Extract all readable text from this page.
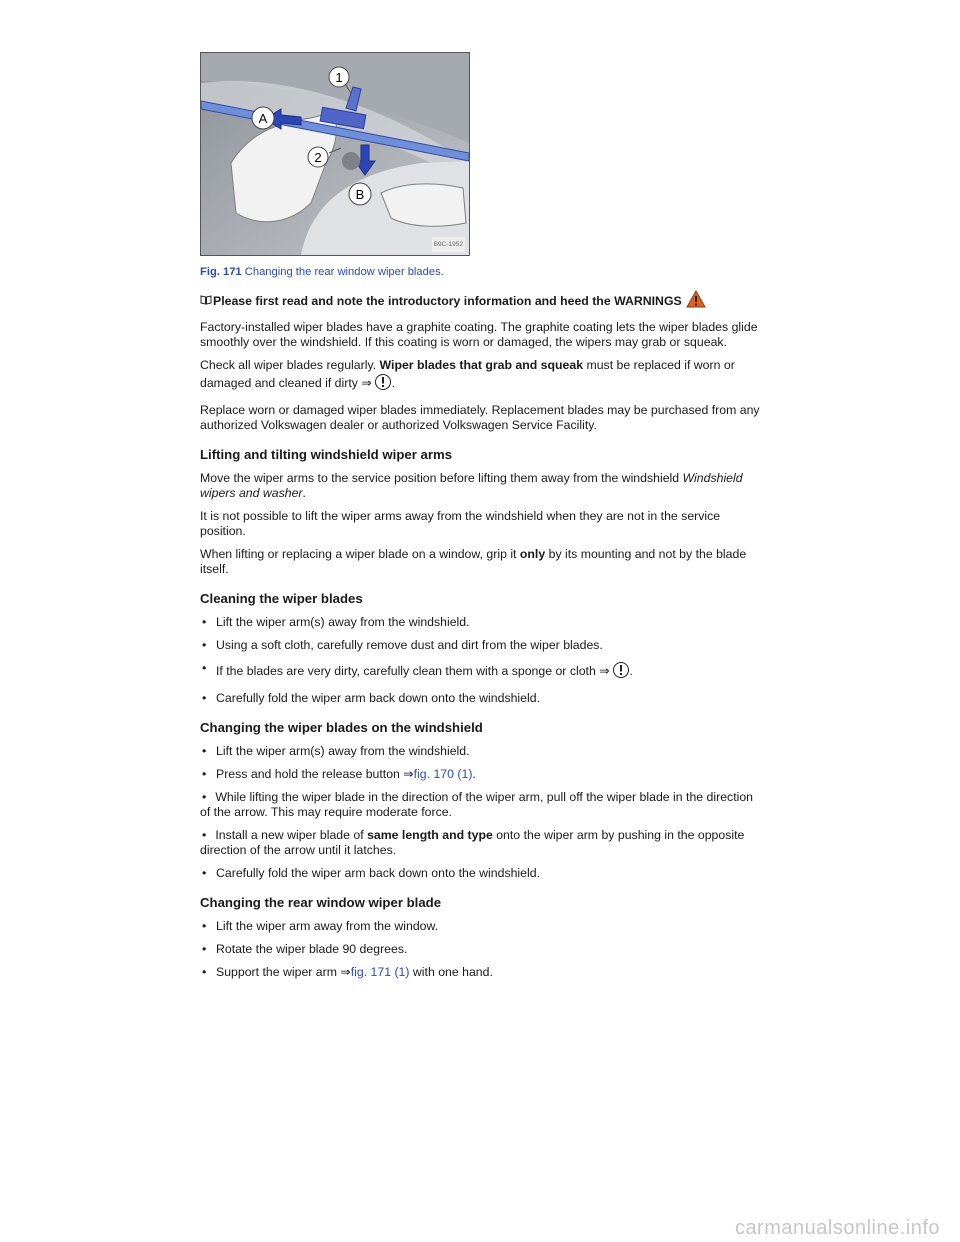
1
2
A
B
B9C-1952
Fig. 171 Changing the rear window wiper blades.

Please first read and note the introductory information and heed the WARNINGS

Factory-installed wiper blades have a graphite coating. The graphite coating lets the wiper blades glide smoothly over the windshield. If this coating is worn or damaged, the wipers may grab or squeak.

Check all wiper blades regularly. Wiper blades that grab and squeak must be replaced if worn or damaged and cleaned if dirty ⇒ .

Replace worn or damaged wiper blades immediately. Replacement blades may be purchased from any authorized Volkswagen dealer or authorized Volkswagen Service Facility.

Lifting and tilting windshield wiper arms

Move the wiper arms to the service position before lifting them away from the windshield Windshield wipers and washer.

It is not possible to lift the wiper arms away from the windshield when they are not in the service position.

When lifting or replacing a wiper blade on a window, grip it only by its mounting and not by the blade itself.

Cleaning the wiper blades
• Lift the wiper arm(s) away from the windshield.
• Using a soft cloth, carefully remove dust and dirt from the wiper blades.
• If the blades are very dirty, carefully clean them with a sponge or cloth ⇒ .
• Carefully fold the wiper arm back down onto the windshield.
Changing the wiper blades on the windshield
• Lift the wiper arm(s) away from the windshield.
• Press and hold the release button ⇒fig. 170 (1).
• While lifting the wiper blade in the direction of the wiper arm, pull off the wiper blade in the direction of the arrow. This may require moderate force.
• Install a new wiper blade of same length and type onto the wiper arm by pushing in the opposite direction of the arrow until it latches.
• Carefully fold the wiper arm back down onto the windshield.
Changing the rear window wiper blade
• Lift the wiper arm away from the window.
• Rotate the wiper blade 90 degrees.
• Support the wiper arm ⇒fig. 171 (1) with one hand.
carmanualsonline.info
